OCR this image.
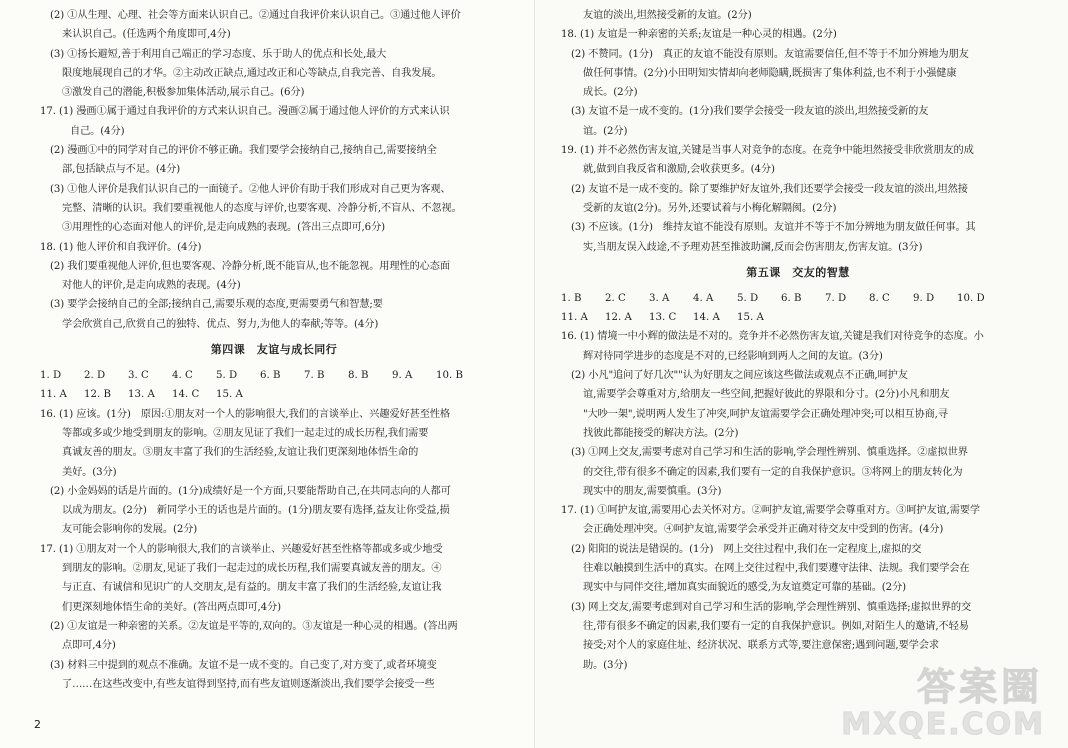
(2) ①从生理、心理、社会等方面来认识自己。②通过自我评价来认识自己。③通过他人评价
来认识自己。(任选两个角度即可,4分)
(3) ①扬长避短,善于利用自己端正的学习态度、乐于助人的优点和长处,最大
限度地展现自己的才华。②主动改正缺点,通过改正和心等缺点,自我完善、自我发展。
③激发自己的潜能,积极参加集体活动,展示自己。(6分)
17. (1) 漫画①属于通过自我评价的方式来认识自己。漫画②属于通过他人评价的方式来认识
自己。(4分)
(2) 漫画①中的同学对自己的评价不够正确。我们要学会接纳自己,接纳自己,需要接纳全
部,包括缺点与不足。(4分)
(3) ①他人评价是我们认识自己的一面镜子。②他人评价有助于我们形成对自己更为客观、
完整、清晰的认识。我们要重视他人的态度与评价,也要客观、冷静分析,不盲从、不忽视。
③用理性的心态面对他人的评价,是走向成熟的表现。(答出三点即可,6分)
18. (1) 他人评价和自我评价。(4分)
(2) 我们要重视他人评价,但也要客观、冷静分析,既不能盲从,也不能忽视。用理性的心态面
对他人的评价,是走向成熟的表现。(4分)
(3) 要学会接纳自己的全部;接纳自己,需要乐观的态度,更需要勇气和智慧;要
学会欣赏自己,欣赏自己的独特、优点、努力,为他人的奉献;等等。(4分)
第四课　友谊与成长同行
1. D	2. D	3. C	4. C	5. D	6. B	7. B	8. B	9. A	10. B
11. A	12. B	13. A	14. C	15. A
16. (1) 应该。(1分)　原因:①朋友对一个人的影响很大,我们的言谈举止、兴趣爱好甚至性格
等都或多或少地受到朋友的影响。②朋友见证了我们一起走过的成长历程,我们需要
真诚友善的朋友。③朋友丰富了我们的生活经验,友谊让我们更深刻地体悟生命的
美好。(3分)
(2) 小金妈妈的话是片面的。(1分)成绩好是一个方面,只要能帮助自己,在共同志向的人都可
以成为朋友。(2分)　新同学小王的话也是片面的。(1分)朋友要有选择,益友让你受益,损
友可能会影响你的发展。(2分)
17. (1) ①朋友对一个人的影响很大,我们的言谈举止、兴趣爱好甚至性格等都或多或少地受
到朋友的影响。②朋友,见证了我们一起走过的成长历程,我们需要真诚友善的朋友。④
与正直、有诚信和见识广的人交朋友,是有益的。朋友丰富了我们的生活经验,友谊让我
们更深刻地体悟生命的美好。(答出两点即可,4分)
(2) ①友谊是一种亲密的关系。②友谊是平等的,双向的。③友谊是一种心灵的相遇。(答出两
点即可,4分)
(3) 材料三中提到的观点不准确。友谊不是一成不变的。自己变了,对方变了,或者环境变
了……在这些改变中,有些友谊得到坚持,而有些友谊则逐渐淡出,我们要学会接受一些
2
友谊的淡出,坦然接受新的友谊。(2分)
18. (1) 友谊是一种亲密的关系;友谊是一种心灵的相遇。(2分)
(2) 不赞同。(1分)　真正的友谊不能没有原则。友谊需要信任,但不等于不加分辨地为朋友
做任何事情。(2分)小田明知实情却向老师隐瞒,既损害了集体利益,也不利于小强健康
成长。(2分)
(3) 友谊不是一成不变的。(1分)我们要学会接受一段友谊的淡出,坦然接受新的友
谊。(2分)
19. (1) 并不必然伤害友谊,关键是当事人对竞争的态度。在竞争中能坦然接受非欣赏朋友的成
就,做到自我反省和激励,会收获更多。(4分)
(2) 友谊不是一成不变的。除了要维护好友谊外,我们还要学会接受一段友谊的淡出,坦然接
受新的友谊(2分)。另外,还要试着与小梅化解隔阂。(2分)
(3) 不应该。(1分)　维持友谊不能没有原则。友谊并不等于不加分辨地为朋友做任何事。其
实,当朋友误入歧途,不予理劝甚至推波助澜,反而会伤害朋友,伤害友谊。(3分)
第五课　交友的智慧
1. B	2. C	3. A	4. A	5. D	6. B	7. D	8. C	9. D	10. D
11. A	12. A	13. C	14. A	15. A
16. (1) 情境一中小辉的做法是不对的。竞争并不必然伤害友谊,关键是我们对待竞争的态度。小
辉对待同学进步的态度是不对的,已经影响到两人之间的友谊。(3分)
(2) 小凡"追问了好几次""认为好朋友之间应该这些做法或观点不正确,呵护友
谊,需要学会尊重对方,给朋友一些空间,把握好彼此的界限和分寸。(2分)小凡和朋友
"大吵一架",说明两人发生了冲突,呵护友谊需要学会正确处理冲突;可以相互协商,寻
找彼此都能接受的解决方法。(2分)
(3) ①网上交友,需要考虑对自己学习和生活的影响,学会理性辨别、慎重选择。②虚拟世界
的交往,带有很多不确定的因素,我们要有一定的自我保护意识。③将网上的朋友转化为
现实中的朋友,需要慎重。(3分)
17. (1) ①呵护友谊,需要用心去关怀对方。②呵护友谊,需要学会尊重对方。③呵护友谊,需要学
会正确处理冲突。④呵护友谊,需要学会承受并正确对待交友中受到的伤害。(4分)
(2) 阳阳的说法是错误的。(1分)　网上交往过程中,我们在一定程度上,虚拟的交
往难以触摸到生活中的真实。在网上交往过程中,我们要遵守法律、法规。我们要学会在
现实中与同伴交往,增加真实面貌近的感受,为友谊奠定可靠的基础。(2分)
(3) 网上交友,需要考虑到对自己学习和生活的影响,学会理性辨别、慎重选择;虚拟世界的交
往,带有很多不确定的因素,我们要有一定的自我保护意识。例如,对陌生人的邀请,不轻易
接受;对个人的家庭住址、经济状况、联系方式等,要注意保密;遇到问题,要学会求
助。(3分)	答案圈
MXQE.COM
